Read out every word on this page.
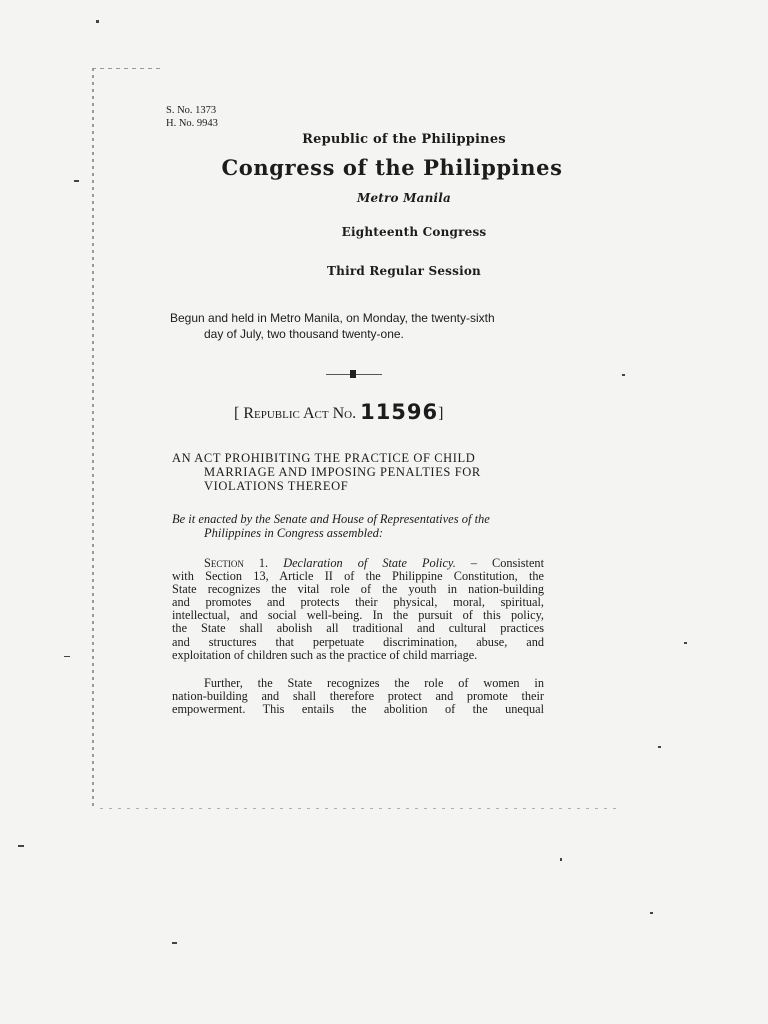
S. No. 1373
H. No. 9943
Republic of the Philippines
Congress of the Philippines
Metro Manila
Eighteenth Congress
Third Regular Session
Begun and held in Metro Manila, on Monday, the twenty-sixth
day of July, two thousand twenty-one.
[ Republic Act No. 11596]
AN ACT PROHIBITING THE PRACTICE OF CHILD
MARRIAGE AND IMPOSING PENALTIES FOR
VIOLATIONS THEREOF
Be it enacted by the Senate and House of Representatives of the
Philippines in Congress assembled:
Section 1. Declaration of State Policy. – Consistent
with Section 13, Article II of the Philippine Constitution, the
State recognizes the vital role of the youth in nation-building
and promotes and protects their physical, moral, spiritual,
intellectual, and social well-being. In the pursuit of this policy,
the State shall abolish all traditional and cultural practices
and structures that perpetuate discrimination, abuse, and
exploitation of children such as the practice of child marriage.
Further, the State recognizes the role of women in
nation-building and shall therefore protect and promote their
empowerment. This entails the abolition of the unequal
